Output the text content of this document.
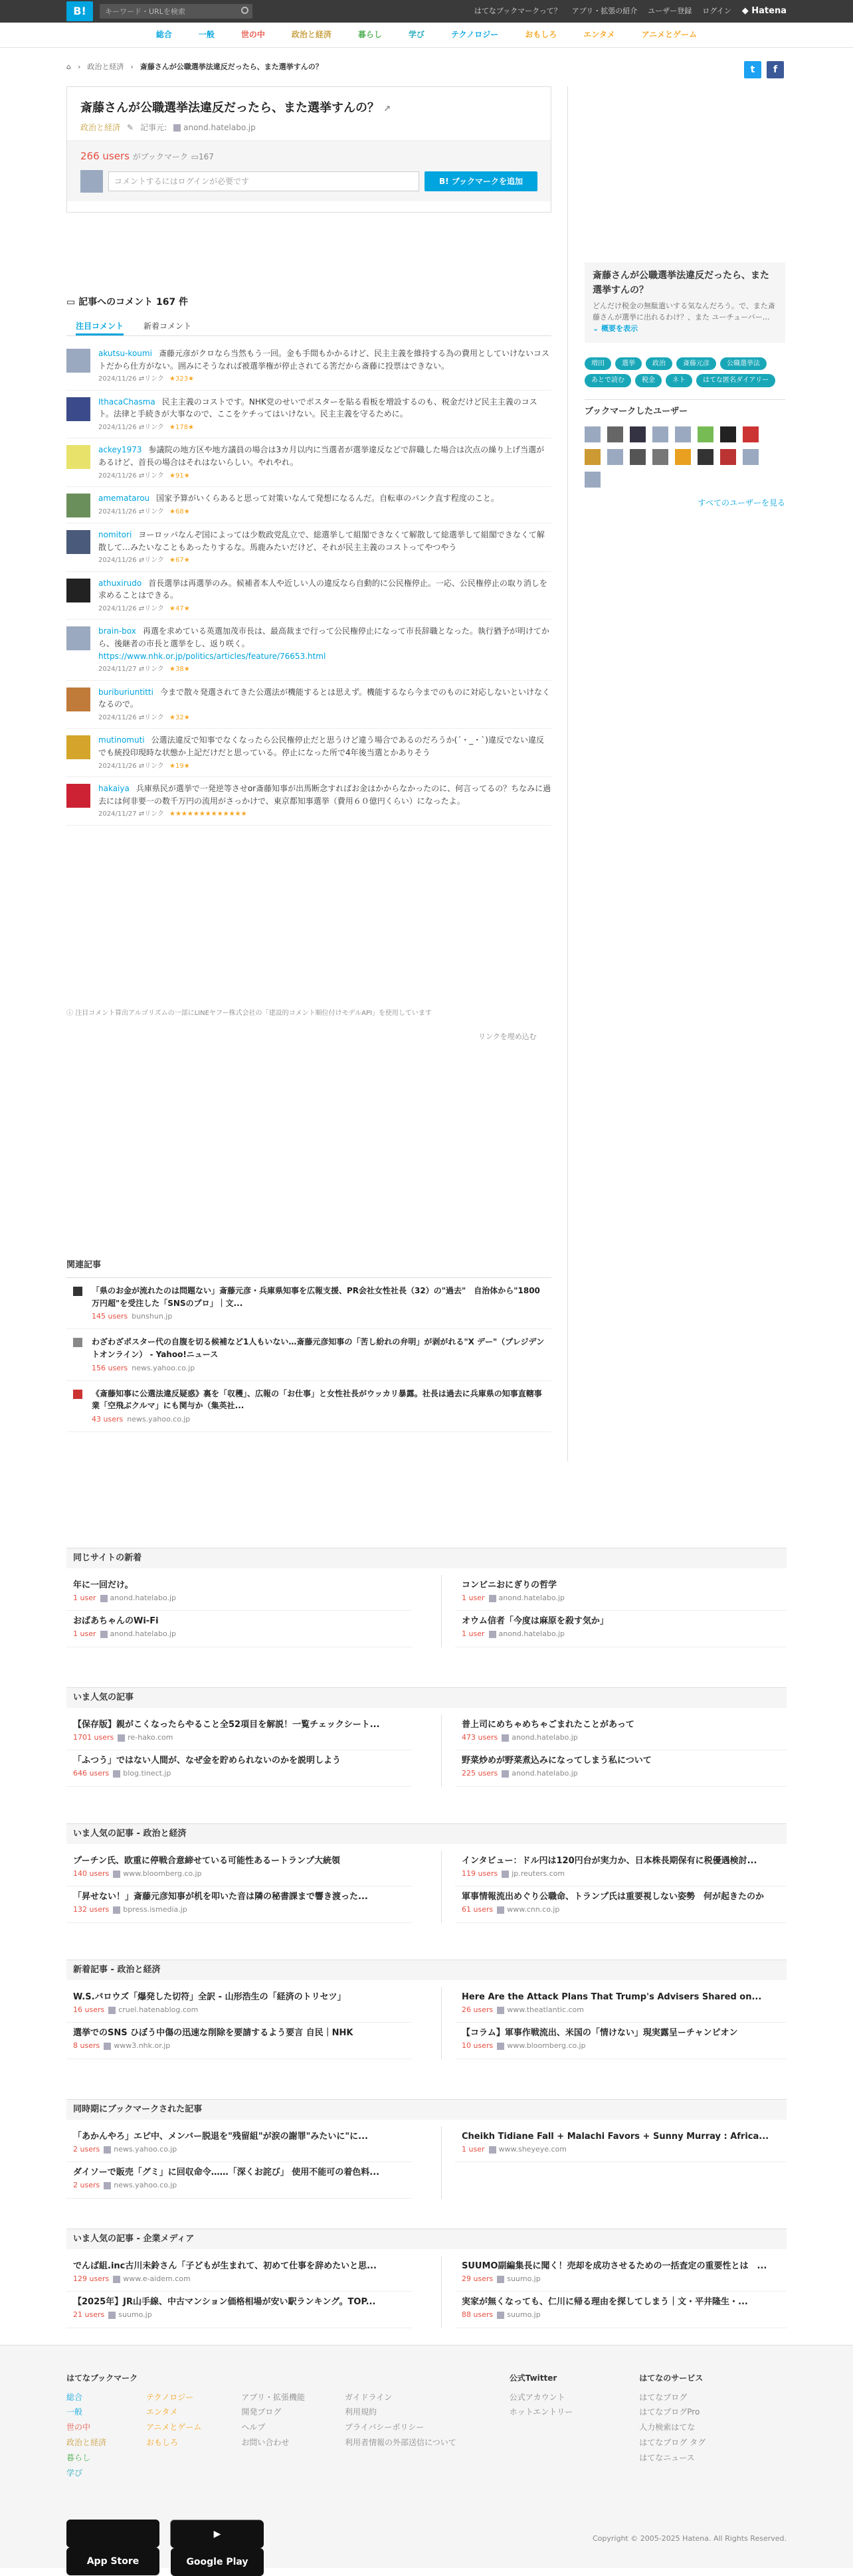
B!	キーワード・URLを検索	はてなブックマークって？ アプリ・拡張の紹介 ユーザー登録 ログイン ◆ Hatena
総合	一般	世の中	政治と経済	暮らし	学び	テクノロジー	おもしろ	エンタメ	アニメとゲーム
⌂ › 政治と経済 › 斎藤さんが公職選挙法違反だったら、また選挙すんの？	t	f
斎藤さんが公職選挙法違反だったら、また選挙すんの？ ↗
政治と経済 ✎ 記事元:	anond.hatelabo.jp
266 users がブックマーク ▭167
コメントするにはログインが必要です	B! ブックマークを追加
▭ 記事へのコメント 167 件
注目コメント	新着コメント
akutsu-koumi 斎藤元彦がクロなら当然もう一回。金も手間もかかるけど、民主主義を維持する為の費用としていけないコストだから仕方がない。囲みにそうなれば被選挙権が停止されてる筈だから斎藤に投票はできない。
2024/11/26 ⇄リンク ★323★
IthacaChasma 民主主義のコストです。NHK党のせいでポスターを貼る看板を増設するのも、税金だけど民主主義のコスト。法律と手続きが大事なので、ここをケチってはいけない。民主主義を守るために。
2024/11/26 ⇄リンク ★178★
ackey1973 参議院の地方区や地方議員の場合は3カ月以内に当選者が選挙違反などで辞職した場合は次点の繰り上げ当選があるけど、首長の場合はそれはないらしい。やれやれ。
2024/11/26 ⇄リンク ★91★
amematarou 国家予算がいくらあると思って対策いなんて発想になるんだ。自転車のパンク直す程度のこと。
2024/11/26 ⇄リンク ★68★
nomitori ヨーロッパなんぞ国によっては少数政党乱立で、総選挙して組閣できなくて解散して総選挙して組閣できなくて解散して…みたいなこともあったりするな。馬鹿みたいだけど、それが民主主義のコストってやつやう
2024/11/26 ⇄リンク ★67★
athuxirudo 首長選挙は再選挙のみ。候補者本人や近しい人の違反なら自動的に公民権停止。一応、公民権停止の取り消しを求めることはできる。
2024/11/26 ⇄リンク ★47★
brain-box 再選を求めている英選加茂市長は、最高裁まで行って公民権停止になって市長辞職となった。執行猶予が明けてから、後継者の市長と選挙をし、返り咲く。
https://www.nhk.or.jp/politics/articles/feature/76653.html
2024/11/27 ⇄リンク ★38★
buriburiuntitti 今まで散々発選されてきた公選法が機能するとは思えず。機能するなら今までのものに対応しないといけなくなるので。
2024/11/26 ⇄リンク ★32★
mutinomuti 公選法違反で知事でなくなったら公民権停止だと思うけど違う場合であるのだろうか(´・_・`)違反でない違反でも統投印現時な状態か上記だけだと思っている。停止になった所で4年後当選とかありそう
2024/11/26 ⇄リンク ★19★
hakaiya 兵庫県民が選挙で一発逆等させor斎藤知事が出馬断念すればお金はかからなかったのに、何言ってるの？ちなみに過去には何非要一の数千万円の流用がさっかけで、東京都知事選挙（費用６０億円くらい）になったよ。
2024/11/27 ⇄リンク ★★★★★★★★★★★★★
ⓘ 注目コメント算出アルゴリズムの一部にLINEヤフー株式会社の「建設的コメント順位付けモデルAPI」を使用しています
リンクを埋め込む
斎藤さんが公職選挙法違反だったら、また選挙すんの？
どんだけ税金の無駄遣いする気なんだろう。で、また斎藤さんが選挙に出れるわけ？、また ユーチューバー… ⌄ 概要を表示
増田	選挙	政治	斎藤元彦	公職選挙法
あとで読む	税金	ネト	はてな匿名ダイアリー
ブックマークしたユーザー
すべてのユーザーを見る
関連記事
「県のお金が流れたのは問題ない」斎藤元彦・兵庫県知事を広報支援、PR会社女性社長（32）の"過去"　自治体から"1800万円超"を受注した「SNSのプロ」｜文...
145 users bunshun.jp
わざわざポスター代の自腹を切る候補など1人もいない…斎藤元彦知事の「苦し紛れの弁明」が剥がれる"X デー"（プレジデントオンライン） - Yahoo!ニュース
156 users news.yahoo.co.jp
《斎藤知事に公選法違反疑惑》裏を「収穫」、広報の「お仕事」と女性社長がウッカリ暴露。社長は過去に兵庫県の知事直轄事業「空飛ぶクルマ」にも関与か（集英社...
43 users news.yahoo.co.jp
同じサイトの新着
年に一回だけ。
1 user anond.hatelabo.jp
おばあちゃんのWi-Fi
1 user anond.hatelabo.jp
コンビニおにぎりの哲学
1 user anond.hatelabo.jp
オウム信者「今度は麻原を殺す気か」
1 user anond.hatelabo.jp
いま人気の記事
【保存版】親がこくなったらやること全52項目を解説！一覧チェックシート...
1701 users re-hako.com
「ふつう」ではない人間が、なぜ金を貯められないのかを説明しよう
646 users blog.tinect.jp
普上司にめちゃめちゃごまれたことがあって
473 users anond.hatelabo.jp
野菜炒めが野菜煮込みになってしまう私について
225 users anond.hatelabo.jp
いま人気の記事 - 政治と経済
プーチン氏、欧重に停戦合意締せている可能性あるートランプ大統領
140 users www.bloomberg.co.jp
「昇せない！」斎藤元彦知事が机を叩いた音は隣の秘書課まで響き渡った...
132 users bpress.ismedia.jp
インタビュー：ドル円は120円台が実力か、日本株長期保有に税優遇検討...
119 users jp.reuters.com
軍事情報流出めぐり公職命、トランプ氏は重要視しない姿勢　何が起きたのか
61 users www.cnn.co.jp
新着記事 - 政治と経済
W.S.バロウズ「爆発した切符」全訳 - 山形浩生の「経済のトリセツ」
16 users cruel.hatenablog.com
選挙でのSNS ひぼう中傷の迅速な削除を要請するよう要言 自民｜NHK
8 users www3.nhk.or.jp
Here Are the Attack Plans That Trump's Advisers Shared on...
26 users www.theatlantic.com
【コラム】軍事作戦流出、米国の「情けない」現実露呈ーチャンピオン
10 users www.bloomberg.co.jp
同時期にブックマークされた記事
「あかんやろ」エピ中、メンバー脱退を"残留組"が涙の謝罪"みたいに"に...
2 users news.yahoo.co.jp
ダイソーで販売「グミ」に回収命令……「深くお詫び」 使用不能可の着色料...
2 users news.yahoo.co.jp
Cheikh Tidiane Fall + Malachi Favors + Sunny Murray : Africa...
1 user www.sheyeye.com
いま人気の記事 - 企業メディア
でんば組.inc古川未鈴さん「子どもが生まれて、初めて仕事を辞めたいと思...
129 users www.e-aidem.com
【2025年】JR山手線、中古マンション価格相場が安い駅ランキング。TOP...
21 users suumo.jp
SUUMO副編集長に聞く！売却を成功させるための一括査定の重要性とは　...
29 users suumo.jp
実家が無くなっても、仁川に帰る理由を探してしまう｜文・平井隆生・...
88 users suumo.jp
はてなブックマーク
総合
一般
世の中
政治と経済
暮らし
学び
テクノロジー
エンタメ
アニメとゲーム
おもしろ
アプリ・拡張機能
開発ブログ
ヘルプ
お問い合わせ
ガイドライン
利用規約
プライバシーポリシー
利用者情報の外部送信について
公式Twitter
公式アカウント
ホットエントリー
はてなのサービス
はてなブログ
はてなブログPro
人力検索はてな
はてなブログ タグ
はてなニュース
App Store
▶
Google Play
Copyright © 2005-2025 Hatena. All Rights Reserved.
